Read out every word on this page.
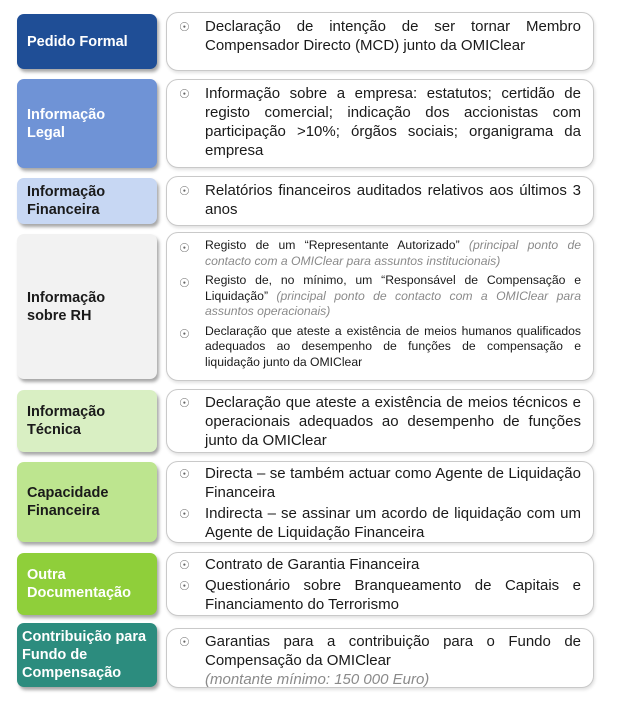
Pedido Formal
☉	Declaração de intenção de ser tornar Membro Compensador Directo (MCD) junto da OMIClear
Informação Legal
☉	Informação sobre a empresa: estatutos; certidão de registo comercial; indicação dos accionistas com participação >10%; órgãos sociais; organigrama da empresa
Informação Financeira
☉	Relatórios financeiros auditados relativos aos últimos 3 anos
Informação sobre RH
☉	Registo de um “Representante Autorizado” (principal ponto de contacto com a OMIClear para assuntos institucionais)
☉	Registo de, no mínimo, um “Responsável de Compensação e Liquidação” (principal ponto de contacto com a OMIClear para assuntos operacionais)
☉	Declaração que ateste a existência de meios humanos qualificados adequados ao desempenho de funções de compensação e liquidação junto da OMIClear
Informação Técnica
☉	Declaração que ateste a existência de meios técnicos e operacionais adequados ao desempenho de funções junto da OMIClear
Capacidade Financeira
☉	Directa – se também actuar como Agente de Liquidação Financeira
☉	Indirecta – se assinar um acordo de liquidação com um Agente de Liquidação Financeira
Outra Documentação
☉	Contrato de Garantia Financeira
☉	Questionário sobre Branqueamento de Capitais e Financiamento do Terrorismo
Contribuição para Fundo de Compensação
☉	Garantias para a contribuição para o Fundo de Compensação da OMIClear
(montante mínimo: 150 000 Euro)
